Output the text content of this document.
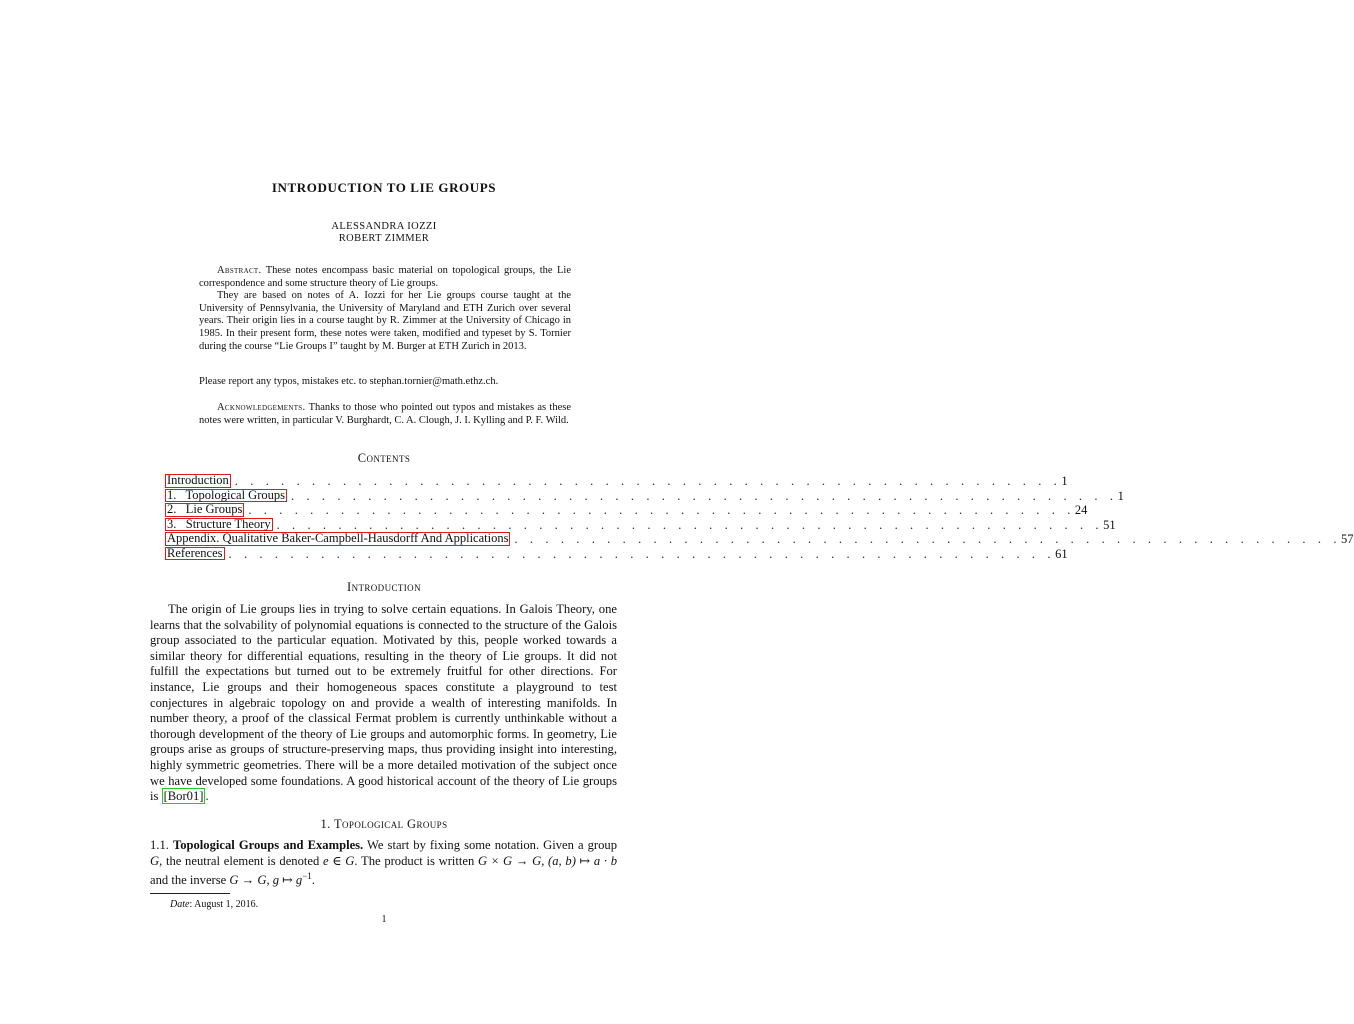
INTRODUCTION TO LIE GROUPS
ALESSANDRA IOZZI
ROBERT ZIMMER
Abstract. These notes encompass basic material on topological groups, the Lie correspondence and some structure theory of Lie groups.
They are based on notes of A. Iozzi for her Lie groups course taught at the University of Pennsylvania, the University of Maryland and ETH Zurich over several years. Their origin lies in a course taught by R. Zimmer at the University of Chicago in 1985. In their present form, these notes were taken, modified and typeset by S. Tornier during the course “Lie Groups I” taught by M. Burger at ETH Zurich in 2013.
Please report any typos, mistakes etc. to stephan.tornier@math.ethz.ch.
Acknowledgements. Thanks to those who pointed out typos and mistakes as these notes were written, in particular V. Burghardt, C. A. Clough, J. I. Kylling and P. F. Wild.
Contents
Introduction . . . . . . . . . . . . . . . . . . . . . . . . . . . . . . . . . . . . . . . . . . . . . . . . . . . . . . 1
1.   Topological Groups . . . . . . . . . . . . . . . . . . . . . . . . . . . . . . . . . . . . . . . . . . . . . . . . . . . . . . 1
2.   Lie Groups . . . . . . . . . . . . . . . . . . . . . . . . . . . . . . . . . . . . . . . . . . . . . . . . . . . . . . 24
3.   Structure Theory . . . . . . . . . . . . . . . . . . . . . . . . . . . . . . . . . . . . . . . . . . . . . . . . . . . . . . 51
Appendix. Qualitative Baker-Campbell-Hausdorff And Applications . . . . . . . . . . . . . . . . . . . . . . . . . . . . . . . . . . . . . . . . . . . . . . . . . . . . . . 57
References . . . . . . . . . . . . . . . . . . . . . . . . . . . . . . . . . . . . . . . . . . . . . . . . . . . . . . 61
Introduction
The origin of Lie groups lies in trying to solve certain equations. In Galois Theory, one learns that the solvability of polynomial equations is connected to the structure of the Galois group associated to the particular equation. Motivated by this, people worked towards a similar theory for differential equations, resulting in the theory of Lie groups. It did not fulfill the expectations but turned out to be extremely fruitful for other directions. For instance, Lie groups and their homogeneous spaces constitute a playground to test conjectures in algebraic topology on and provide a wealth of interesting manifolds. In number theory, a proof of the classical Fermat problem is currently unthinkable without a thorough development of the theory of Lie groups and automorphic forms. In geometry, Lie groups arise as groups of structure-preserving maps, thus providing insight into interesting, highly symmetric geometries. There will be a more detailed motivation of the subject once we have developed some foundations. A good historical account of the theory of Lie groups is [Bor01] .
1. Topological Groups
1.1. Topological Groups and Examples. We start by fixing some notation. Given a group G, the neutral element is denoted e ∈ G. The product is written G × G → G, (a, b) ↦ a · b and the inverse G → G, g ↦ $g^{-1}$.
Date: August 1, 2016.
1
